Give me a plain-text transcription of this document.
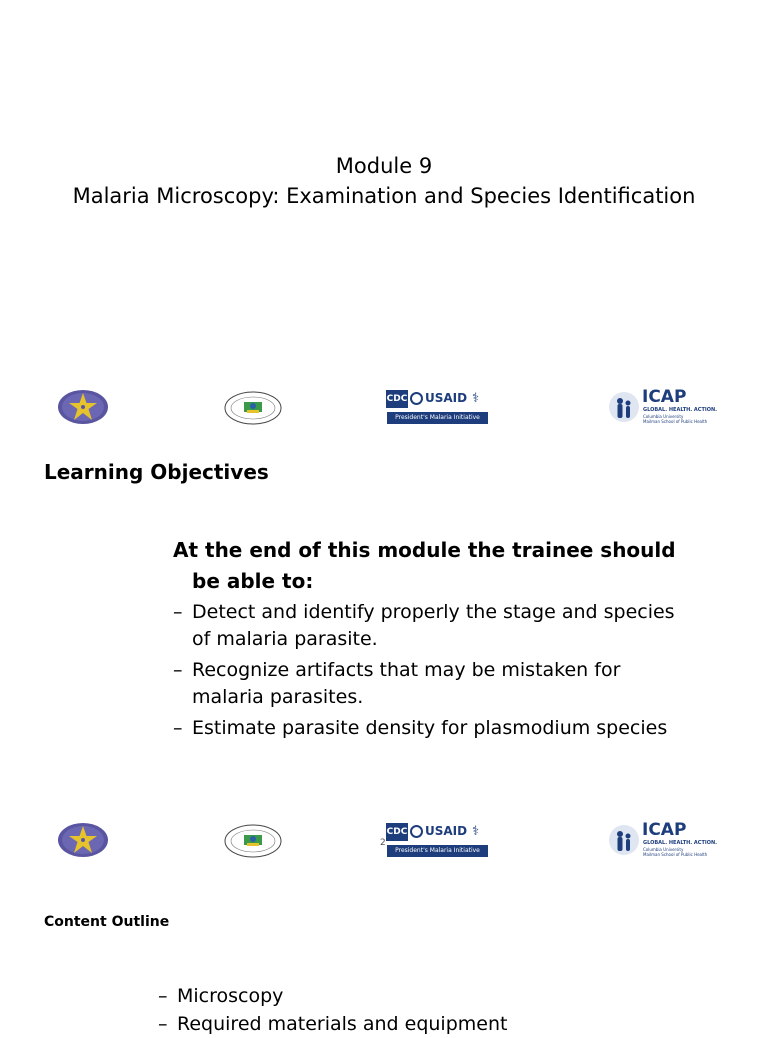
Module 9
Malaria Microscopy: Examination and Species Identification
CDC USAID ⚕
President's Malaria Initiative
ICAP
GLOBAL. HEALTH. ACTION.
Columbia University
Mailman School of Public Health
Learning Objectives
At the end of this module the trainee should
be able to:
– Detect and identify properly the stage and species
of malaria parasite.
– Recognize artifacts that may be mistaken for
malaria parasites.
– Estimate parasite density for plasmodium species
2
CDC USAID ⚕
President's Malaria Initiative
ICAP
GLOBAL. HEALTH. ACTION.
Columbia University
Mailman School of Public Health
Content Outline
– Microscopy
– Required materials and equipment
